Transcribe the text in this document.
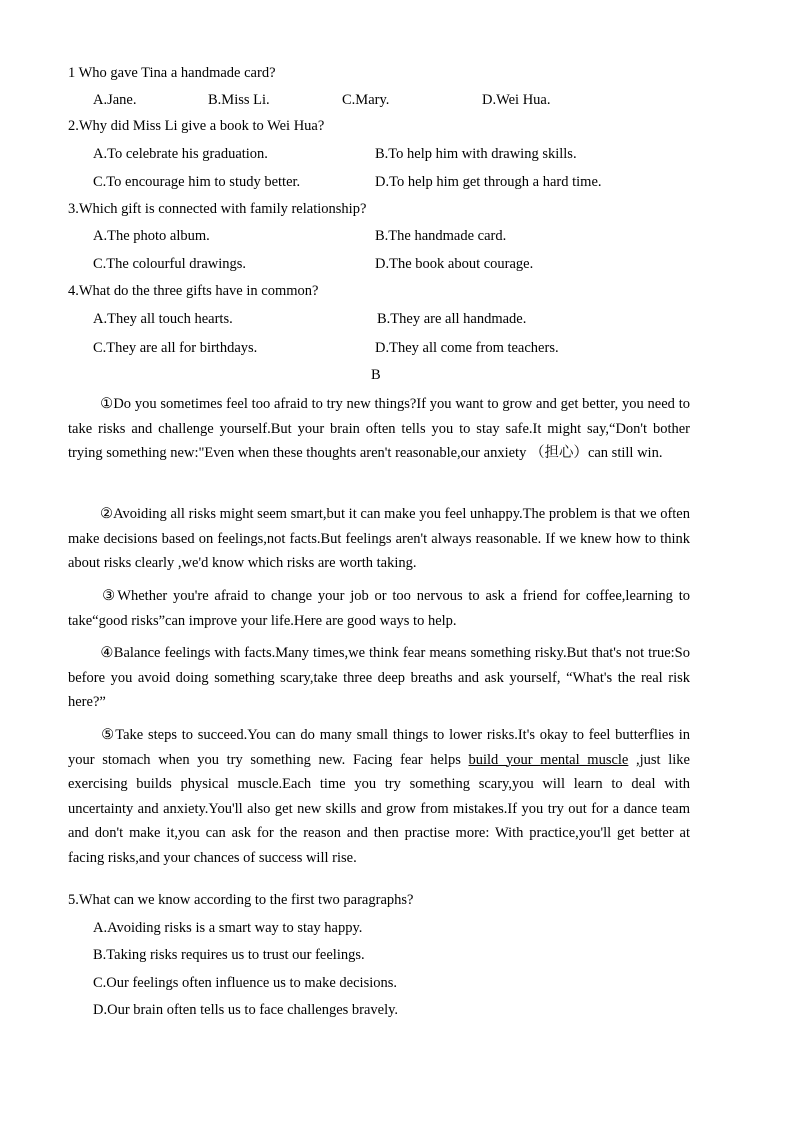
1 Who gave Tina a handmade card?
A.Jane.	B.Miss Li.	C.Mary.	D.Wei Hua.
2.Why did Miss Li give a book to Wei Hua?
A.To celebrate his graduation.	B.To help him with drawing skills.
C.To encourage him to study better.	D.To help him get through a hard time.
3.Which gift is connected with family relationship?
A.The photo album.	B.The handmade card.
C.The colourful drawings.	D.The book about courage.
4.What do the three gifts have in common?
A.They all touch hearts.	B.They are all handmade.
C.They are all for birthdays.	D.They all come from teachers.
B
①Do you sometimes feel too afraid to try new things?If you want to grow and get better, you need to take risks and challenge yourself.But your brain often tells you to stay safe.It might say,“Don't bother trying something new:"Even when these thoughts aren't reasonable,our anxiety （担心）can still win.
②Avoiding all risks might seem smart,but it can make you feel unhappy.The problem is that we often make decisions based on feelings,not facts.But feelings aren't always reasonable. If we knew how to think about risks clearly ,we'd know which risks are worth taking.
③Whether you're afraid to change your job or too nervous to ask a friend for coffee,learning to take“good risks”can improve your life.Here are good ways to help.
④Balance feelings with facts.Many times,we think fear means something risky.But that's not true:So before you avoid doing something scary,take three deep breaths and ask yourself, “What's the real risk here?”
⑤Take steps to succeed.You can do many small things to lower risks.It's okay to feel butterflies in your stomach when you try something new. Facing fear helps build your mental muscle ,just like exercising builds physical muscle.Each time you try something scary,you will learn to deal with uncertainty and anxiety.You'll also get new skills and grow from mistakes.If you try out for a dance team and don't make it,you can ask for the reason and then practise more: With practice,you'll get better at facing risks,and your chances of success will rise.
5.What can we know according to the first two paragraphs?
A.Avoiding risks is a smart way to stay happy.
B.Taking risks requires us to trust our feelings.
C.Our feelings often influence us to make decisions.
D.Our brain often tells us to face challenges bravely.
